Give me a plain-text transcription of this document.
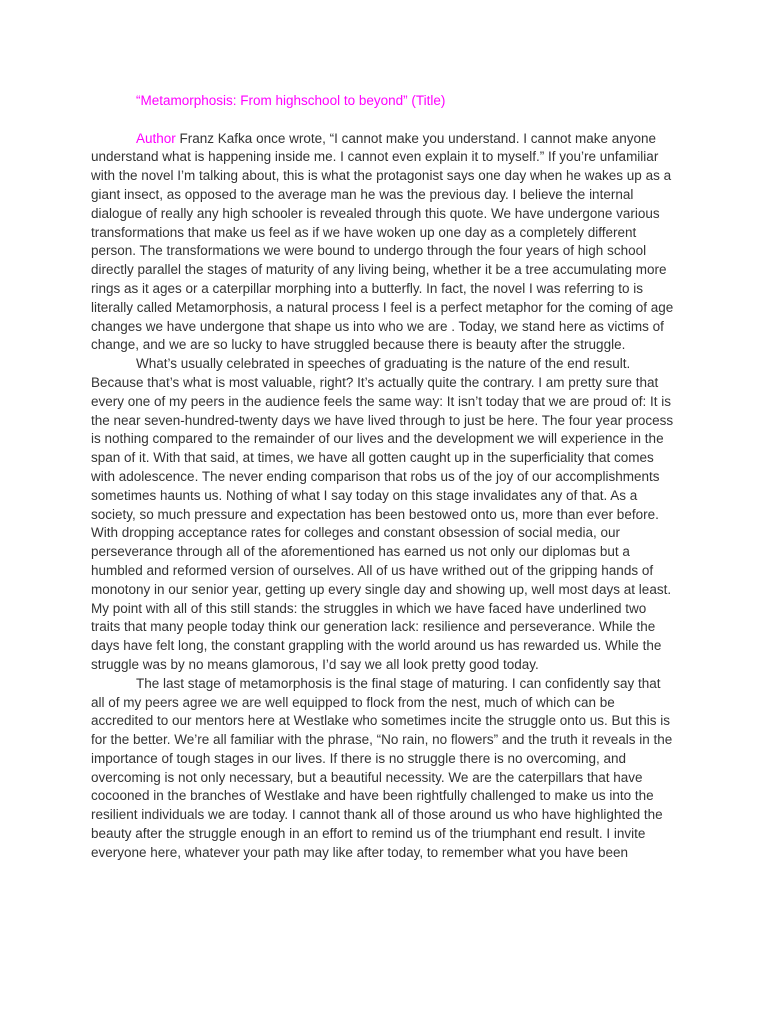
“Metamorphosis: From highschool to beyond” (Title)

Author Franz Kafka once wrote, “I cannot make you understand. I cannot make anyone understand what is happening inside me. I cannot even explain it to myself.” If you’re unfamiliar with the novel I’m talking about, this is what the protagonist says one day when he wakes up as a giant insect, as opposed to the average man he was the previous day. I believe the internal dialogue of really any high schooler is revealed through this quote. We have undergone various transformations that make us feel as if we have woken up one day as a completely different person. The transformations we were bound to undergo through the four years of high school directly parallel the stages of maturity of any living being, whether it be a tree accumulating more rings as it ages or a caterpillar morphing into a butterfly. In fact, the novel I was referring to is literally called Metamorphosis, a natural process I feel is a perfect metaphor for the coming of age changes we have undergone that shape us into who we are . Today, we stand here as victims of change, and we are so lucky to have struggled because there is beauty after the struggle.

What’s usually celebrated in speeches of graduating is the nature of the end result. Because that’s what is most valuable, right? It’s actually quite the contrary. I am pretty sure that every one of my peers in the audience feels the same way: It isn’t today that we are proud of: It is the near seven-hundred-twenty days we have lived through to just be here. The four year process is nothing compared to the remainder of our lives and the development we will experience in the span of it. With that said, at times, we have all gotten caught up in the superficiality that comes with adolescence. The never ending comparison that robs us of the joy of our accomplishments sometimes haunts us. Nothing of what I say today on this stage invalidates any of that. As a society, so much pressure and expectation has been bestowed onto us, more than ever before. With dropping acceptance rates for colleges and constant obsession of social media, our perseverance through all of the aforementioned has earned us not only our diplomas but a humbled and reformed version of ourselves. All of us have writhed out of the gripping hands of monotony in our senior year, getting up every single day and showing up, well most days at least. My point with all of this still stands: the struggles in which we have faced have underlined two traits that many people today think our generation lack: resilience and perseverance. While the days have felt long, the constant grappling with the world around us has rewarded us. While the struggle was by no means glamorous, I’d say we all look pretty good today.

The last stage of metamorphosis is the final stage of maturing. I can confidently say that all of my peers agree we are well equipped to flock from the nest, much of which can be accredited to our mentors here at Westlake who sometimes incite the struggle onto us. But this is for the better. We’re all familiar with the phrase, “No rain, no flowers” and the truth it reveals in the importance of tough stages in our lives. If there is no struggle there is no overcoming, and overcoming is not only necessary, but a beautiful necessity. We are the caterpillars that have cocooned in the branches of Westlake and have been rightfully challenged to make us into the resilient individuals we are today. I cannot thank all of those around us who have highlighted the beauty after the struggle enough in an effort to remind us of the triumphant end result. I invite everyone here, whatever your path may like after today, to remember what you have been
